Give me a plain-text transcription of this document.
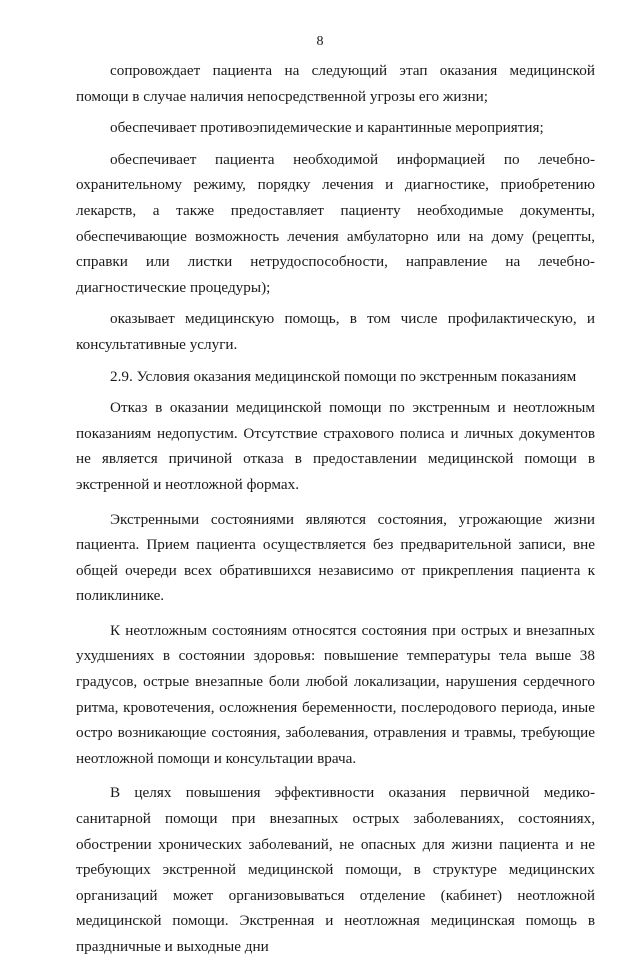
8

сопровождает пациента на следующий этап оказания медицинской помощи в случае наличия непосредственной угрозы его жизни;

обеспечивает противоэпидемические и карантинные мероприятия;

обеспечивает пациента необходимой информацией по лечебно-охранительному режиму, порядку лечения и диагностике, приобретению лекарств, а также предоставляет пациенту необходимые документы, обеспечивающие возможность лечения амбулаторно или на дому (рецепты, справки или листки нетрудоспособности, направление на лечебно-диагностические процедуры);

оказывает медицинскую помощь, в том числе профилактическую, и консультативные услуги.

2.9. Условия оказания медицинской помощи по экстренным показаниям

Отказ в оказании медицинской помощи по экстренным и неотложным показаниям недопустим. Отсутствие страхового полиса и личных документов не является причиной отказа в предоставлении медицинской помощи в экстренной и неотложной формах.

Экстренными состояниями являются состояния, угрожающие жизни пациента. Прием пациента осуществляется без предварительной записи, вне общей очереди всех обратившихся независимо от прикрепления пациента к поликлинике.

К неотложным состояниям относятся состояния при острых и внезапных ухудшениях в состоянии здоровья: повышение температуры тела выше 38 градусов, острые внезапные боли любой локализации, нарушения сердечного ритма, кровотечения, осложнения беременности, послеродового периода, иные остро возникающие состояния, заболевания, отравления и травмы, требующие неотложной помощи и консультации врача.

В целях повышения эффективности оказания первичной медико-санитарной помощи при внезапных острых заболеваниях, состояниях, обострении хронических заболеваний, не опасных для жизни пациента и не требующих экстренной медицинской помощи, в структуре медицинских организаций может организовываться отделение (кабинет) неотложной медицинской помощи. Экстренная и неотложная медицинская помощь в праздничные и выходные дни
